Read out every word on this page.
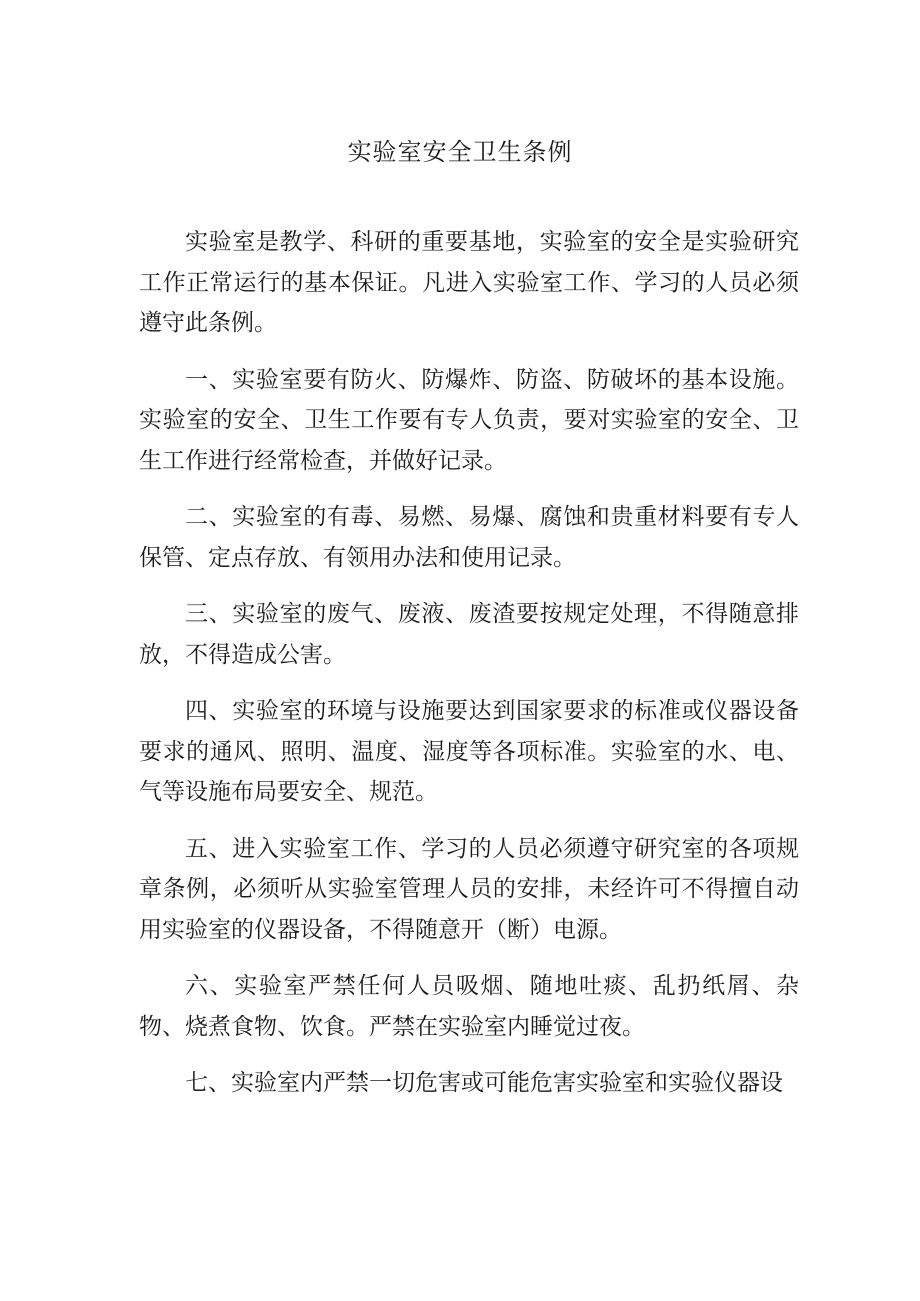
实验室安全卫生条例

实验室是教学、科研的重要基地，实验室的安全是实验研究工作正常运行的基本保证。凡进入实验室工作、学习的人员必须遵守此条例。

一、实验室要有防火、防爆炸、防盗、防破坏的基本设施。实验室的安全、卫生工作要有专人负责，要对实验室的安全、卫生工作进行经常检查，并做好记录。

二、实验室的有毒、易燃、易爆、腐蚀和贵重材料要有专人保管、定点存放、有领用办法和使用记录。

三、实验室的废气、废液、废渣要按规定处理，不得随意排放，不得造成公害。

四、实验室的环境与设施要达到国家要求的标准或仪器设备要求的通风、照明、温度、湿度等各项标准。实验室的水、电、气等设施布局要安全、规范。

五、进入实验室工作、学习的人员必须遵守研究室的各项规章条例，必须听从实验室管理人员的安排，未经许可不得擅自动用实验室的仪器设备，不得随意开（断）电源。

六、实验室严禁任何人员吸烟、随地吐痰、乱扔纸屑、杂物、烧煮食物、饮食。严禁在实验室内睡觉过夜。

七、实验室内严禁一切危害或可能危害实验室和实验仪器设
